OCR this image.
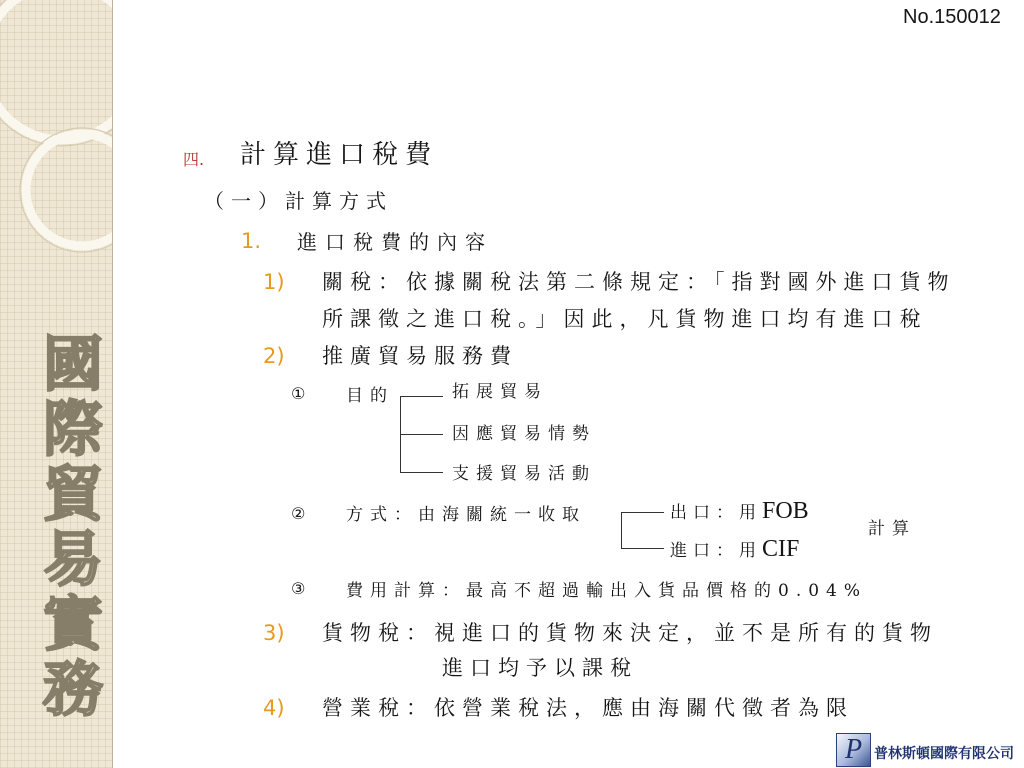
國際貿易實務
No.150012
四. 計算進口稅費
（一）計算方式
1. 進口稅費的內容
1) 關稅：依據關稅法第二條規定：「指對國外進口貨物
所課徵之進口稅。」因此，凡貨物進口均有進口稅
2) 推廣貿易服務費
① 目的	拓展貿易
因應貿易情勢
支援貿易活動
② 方式：由海關統一收取	出口：用FOB
進口：用CIF
計算
③ 費用計算：最高不超過輸出入貨品價格的0.04%
3) 貨物稅：視進口的貨物來決定，並不是所有的貨物
進口均予以課稅
4) 營業稅：依營業稅法，應由海關代徵者為限
P 普林斯頓國際有限公司
